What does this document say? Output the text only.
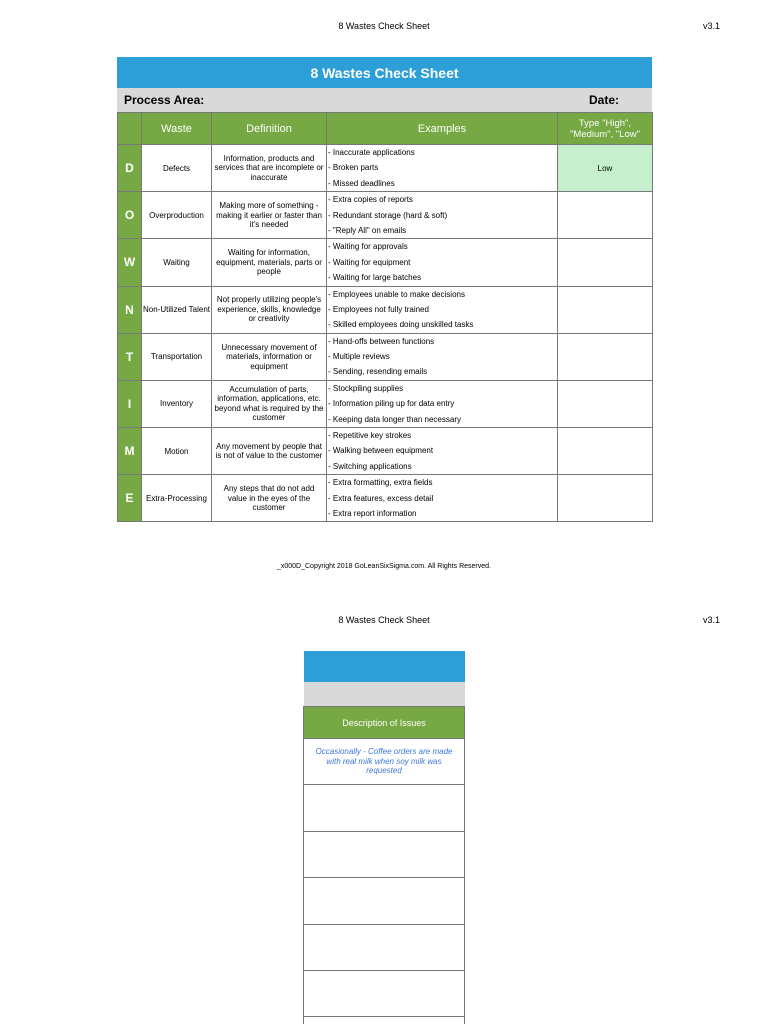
8 Wastes Check Sheet	v3.1
8 Wastes Check Sheet
Process Area:	Date:
	Waste	Definition	Examples	Type "High", "Medium", "Low"
D	Defects	Information, products and services that are incomplete or inaccurate	- Inaccurate applications
- Broken parts
- Missed deadlines	Low
O	Overproduction	Making more of something - making it earlier or faster than it's needed	- Extra copies of reports
- Redundant storage (hard & soft)
- "Reply All" on emails	

W	Waiting	Waiting for information, equipment, materials, parts or people	- Waiting for approvals
- Waiting for equipment
- Waiting for large batches	

N	Non-Utilized Talent	Not properly utilizing people's experience, skills, knowledge or creativity	- Employees unable to make decisions
- Employees not fully trained
- Skilled employees doing unskilled tasks	

T	Transportation	Unnecessary movement of materials, information or equipment	- Hand-offs between functions
- Multiple reviews
- Sending, resending emails	

I	Inventory	Accumulation of parts, information, applications, etc. beyond what is required by the customer	- Stockpiling supplies
- Information piling up for data entry
- Keeping data longer than necessary	

M	Motion	Any movement by people that is not of value to the customer	- Repetitive key strokes
- Walking between equipment
- Switching applications	

E	Extra-Processing	Any steps that do not add value in the eyes of the customer	- Extra formatting, extra fields
- Extra features, excess detail
- Extra report information	

_x000D_Copyright 2018 GoLeanSixSigma.com. All Rights Reserved.
8 Wastes Check Sheet	v3.1
Description of Issues
Occasionally - Coffee orders are made with real milk when soy milk was requested
